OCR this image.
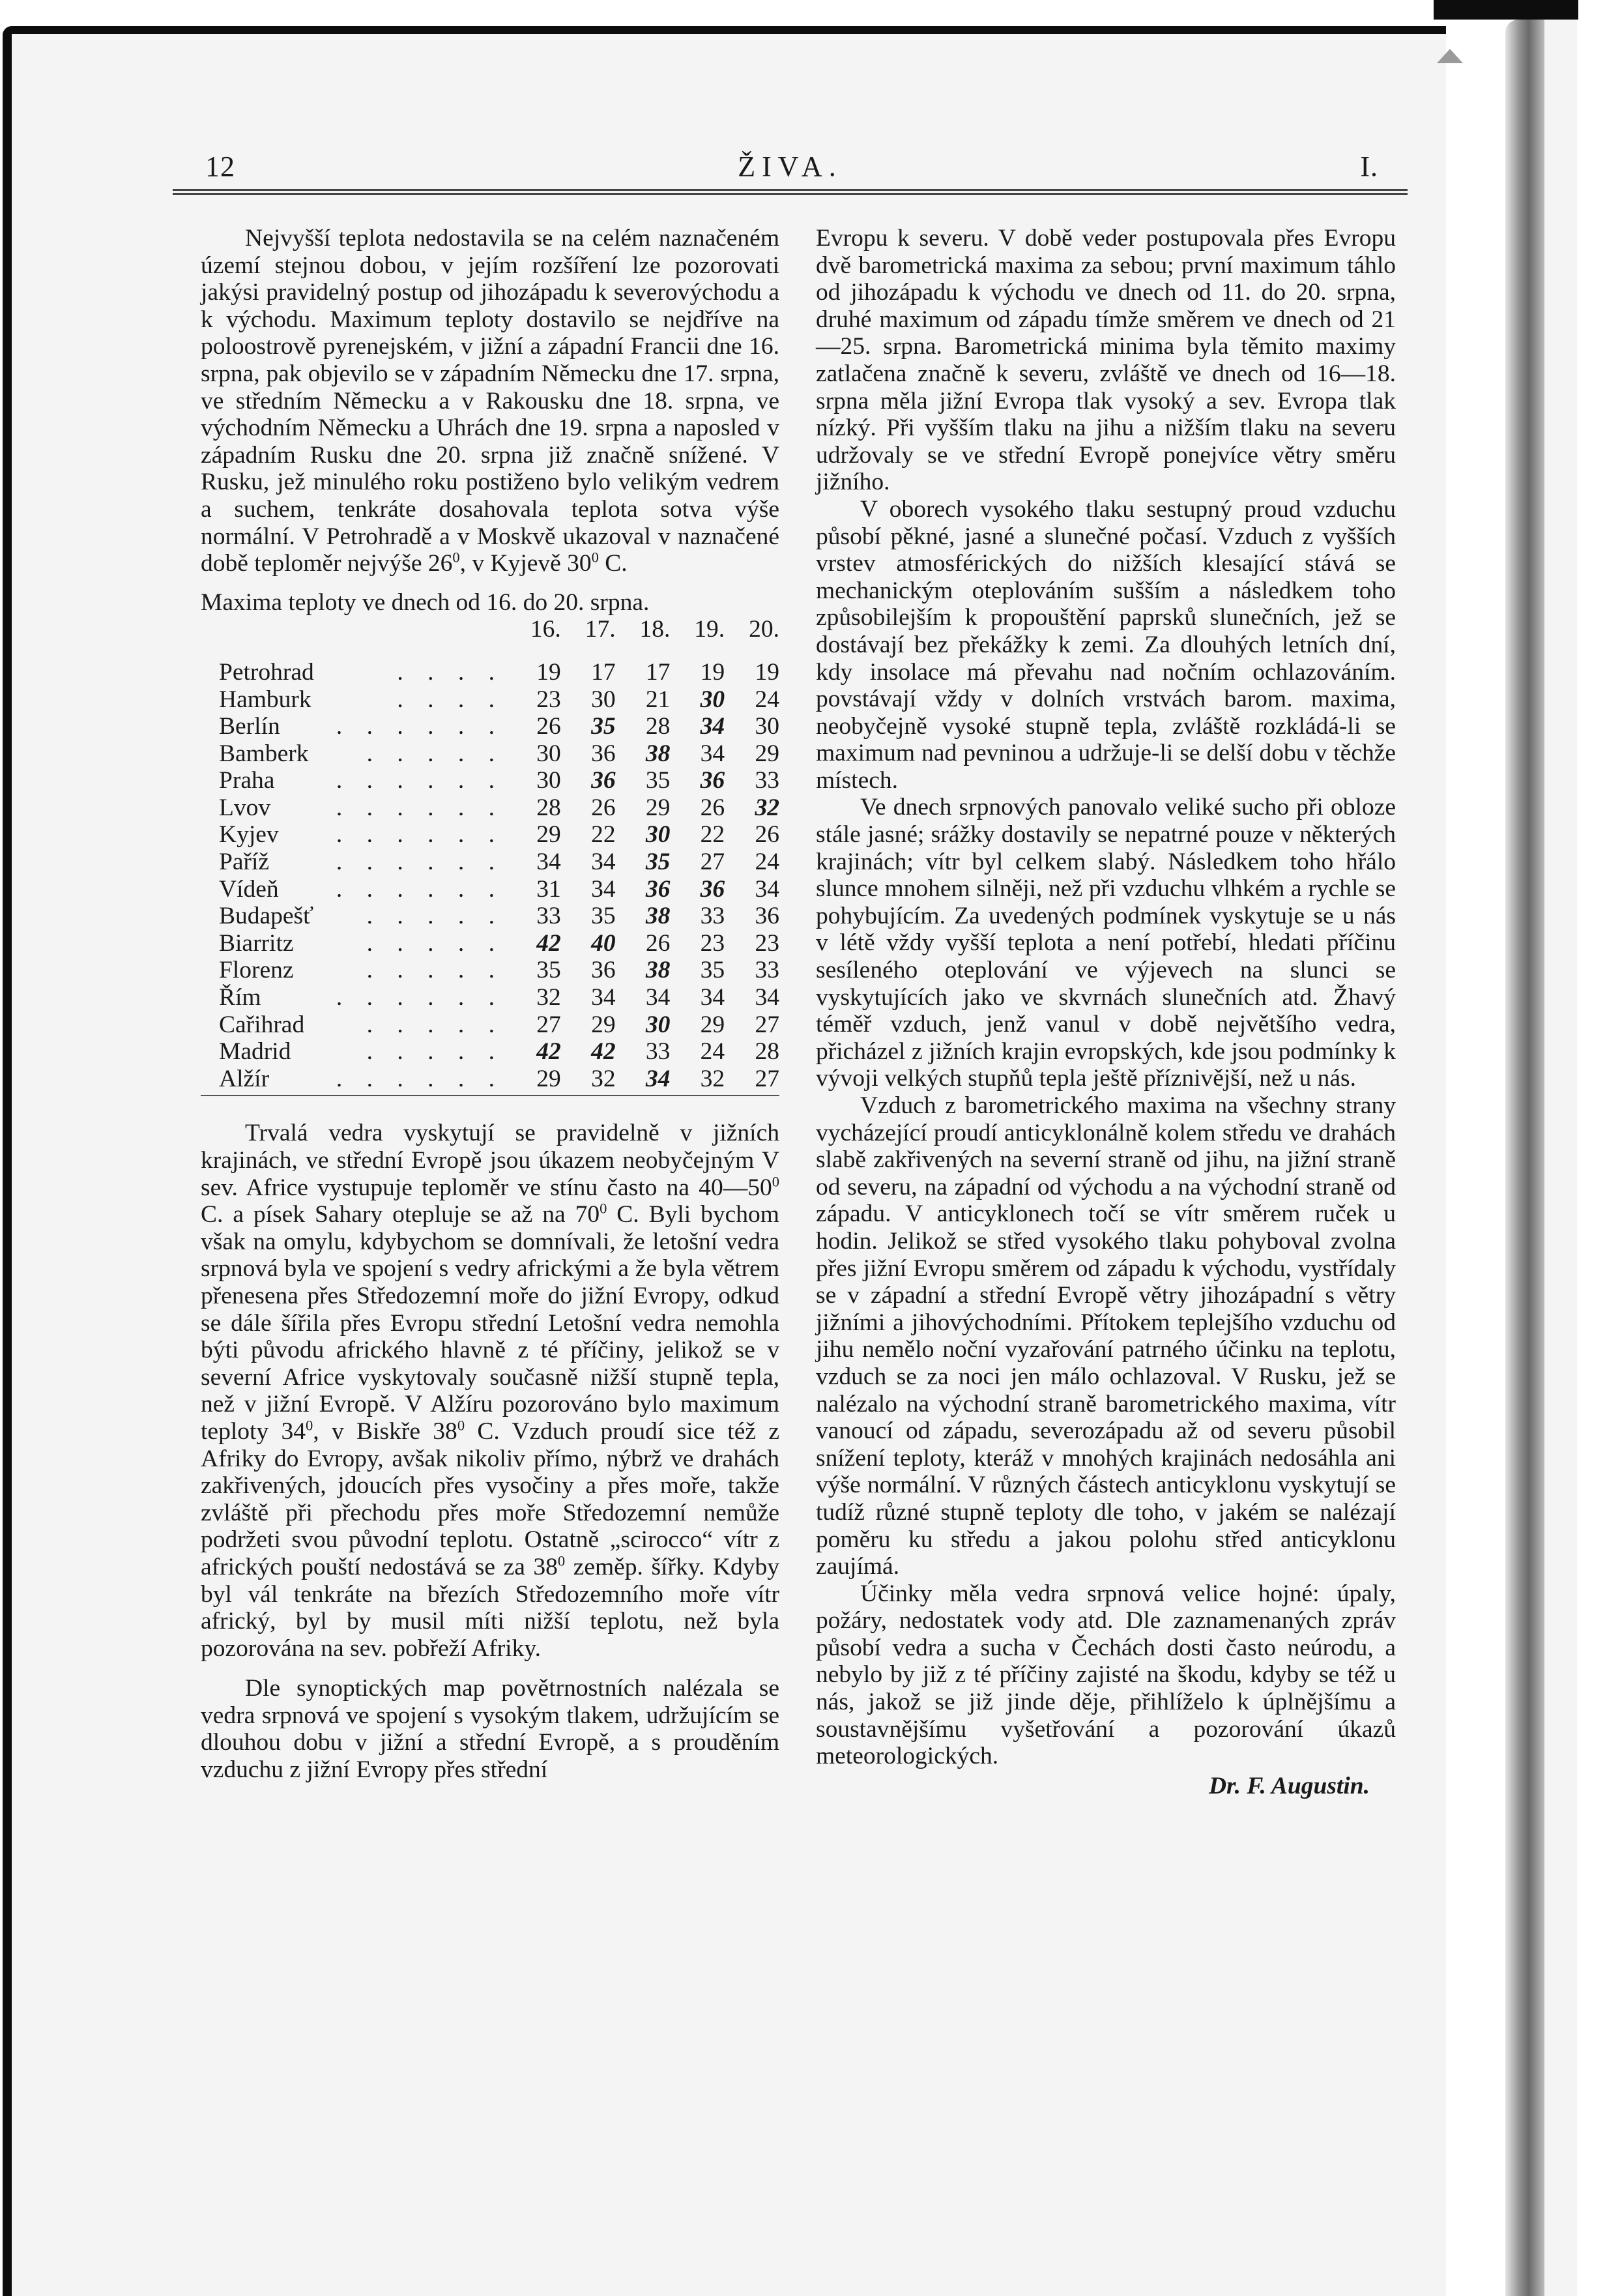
12	ŽIVA.	I.

Nejvyšší teplota nedostavila se na celém naznačeném území stejnou dobou, v jejím rozšíření lze pozorovati jakýsi pravidelný postup od jihozápadu k severovýchodu a k východu. Maximum teploty dostavilo se nejdříve na poloostrově pyrenejském, v jižní a západní Francii dne 16. srpna, pak objevilo se v západním Německu dne 17. srpna, ve středním Německu a v Rakousku dne 18. srpna, ve východním Německu a Uhrách dne 19. srpna a naposled v západním Rusku dne 20. srpna již značně snížené. V Rusku, jež minulého roku postiženo bylo velikým vedrem a suchem, tenkráte dosahovala teplota sotva výše normální. V Petrohradě a v Moskvě ukazoval v naznačené době teploměr nejvýše $26^0$, v Kyjevě $30^0$ C.

Maxima teploty ve dnech od 16. do 20. srpna.

		16.	17.	18.	19.	20.
Petrohrad	. . . .	19	17	17	19	19
Hamburk	. . . .	23	30	21	30	24
Berlín	. . . . . .	26	35	28	34	30
Bamberk	. . . . .	30	36	38	34	29
Praha	. . . . . .	30	36	35	36	33
Lvov	. . . . . .	28	26	29	26	32
Kyjev	. . . . . .	29	22	30	22	26
Paříž	. . . . . .	34	34	35	27	24
Vídeň	. . . . . .	31	34	36	36	34
Budapešť	. . . . .	33	35	38	33	36
Biarritz	. . . . .	42	40	26	23	23
Florenz	. . . . .	35	36	38	35	33
Řím	. . . . . .	32	34	34	34	34
Cařihrad	. . . . .	27	29	30	29	27
Madrid	. . . . .	42	42	33	24	28
Alžír	. . . . . .	29	32	34	32	27

Trvalá vedra vyskytují se pravidelně v jižních krajinách, ve střední Evropě jsou úkazem neobyčejným V sev. Africe vystupuje teploměr ve stínu často na $40—50^0$ C. a písek Sahary otepluje se až na $70^0$ C. Byli bychom však na omylu, kdybychom se domnívali, že letošní vedra srpnová byla ve spojení s vedry africkými a že byla větrem přenesena přes Středozemní moře do jižní Evropy, odkud se dále šířila přes Evropu střední Letošní vedra nemohla býti původu afrického hlavně z té příčiny, jelikož se v severní Africe vyskytovaly současně nižší stupně tepla, než v jižní Evropě. V Alžíru pozorováno bylo maximum teploty $34^0$, v Biskře $38^0$ C. Vzduch proudí sice též z Afriky do Evropy, avšak nikoliv přímo, nýbrž ve drahách zakřivených, jdoucích přes vysočiny a přes moře, takže zvláště při přechodu přes moře Středozemní nemůže podržeti svou původní teplotu. Ostatně „scirocco“ vítr z afrických pouští nedostává se za $38^0$ zeměp. šířky. Kdyby byl vál tenkráte na březích Středozemního moře vítr africký, byl by musil míti nižší teplotu, než byla pozorována na sev. pobřeží Afriky.

Dle synoptických map povětrnostních nalézala se vedra srpnová ve spojení s vysokým tlakem, udržujícím se dlouhou dobu v jižní a střední Evropě, a s prouděním vzduchu z jižní Evropy přes střední

Evropu k severu. V době veder postupovala přes Evropu dvě barometrická maxima za sebou; první maximum táhlo od jihozápadu k východu ve dnech od 11. do 20. srpna, druhé maximum od západu tímže směrem ve dnech od 21—25. srpna. Barometrická minima byla těmito maximy zatlačena značně k severu, zvláště ve dnech od 16—18. srpna měla jižní Evropa tlak vysoký a sev. Evropa tlak nízký. Při vyšším tlaku na jihu a nižším tlaku na severu udržovaly se ve střední Evropě ponejvíce větry směru jižního.

V oborech vysokého tlaku sestupný proud vzduchu působí pěkné, jasné a slunečné počasí. Vzduch z vyšších vrstev atmosférických do nižších klesající stává se mechanickým oteplováním sušším a následkem toho způsobilejším k propouštění paprsků slunečních, jež se dostávají bez překážky k zemi. Za dlouhých letních dní, kdy insolace má převahu nad nočním ochlazováním. povstávají vždy v dolních vrstvách barom. maxima, neobyčejně vysoké stupně tepla, zvláště rozkládá-li se maximum nad pevninou a udržuje-li se delší dobu v těchže místech.

Ve dnech srpnových panovalo veliké sucho při obloze stále jasné; srážky dostavily se nepatrné pouze v některých krajinách; vítr byl celkem slabý. Následkem toho hřálo slunce mnohem silněji, než při vzduchu vlhkém a rychle se pohybujícím. Za uvedených podmínek vyskytuje se u nás v létě vždy vyšší teplota a není potřebí, hledati příčinu sesíleného oteplování ve výjevech na slunci se vyskytujících jako ve skvrnách slunečních atd. Žhavý téměř vzduch, jenž vanul v době největšího vedra, přicházel z jižních krajin evropských, kde jsou podmínky k vývoji velkých stupňů tepla ještě příznivější, než u nás.

Vzduch z barometrického maxima na všechny strany vycházející proudí anticyklonálně kolem středu ve drahách slabě zakřivených na severní straně od jihu, na jižní straně od severu, na západní od východu a na východní straně od západu. V anticyklonech točí se vítr směrem ruček u hodin. Jelikož se střed vysokého tlaku pohyboval zvolna přes jižní Evropu směrem od západu k východu, vystřídaly se v západní a střední Evropě větry jihozápadní s větry jižními a jihovýchodními. Přítokem teplejšího vzduchu od jihu nemělo noční vyzařování patrného účinku na teplotu, vzduch se za noci jen málo ochlazoval. V Rusku, jež se nalézalo na východní straně barometrického maxima, vítr vanoucí od západu, severozápadu až od severu působil snížení teploty, kteráž v mnohých krajinách nedosáhla ani výše normální. V různých částech anticyklonu vyskytují se tudíž různé stupně teploty dle toho, v jakém se nalézají poměru ku středu a jakou polohu střed anticyklonu zaujímá.

Účinky měla vedra srpnová velice hojné: úpaly, požáry, nedostatek vody atd. Dle zaznamenaných zpráv působí vedra a sucha v Čechách dosti často neúrodu, a nebylo by již z té příčiny zajisté na škodu, kdyby se též u nás, jakož se již jinde děje, přihlíželo k úplnějšímu a soustavnějšímu vyšetřování a pozorování úkazů meteorologických.

Dr. F. Augustin.
